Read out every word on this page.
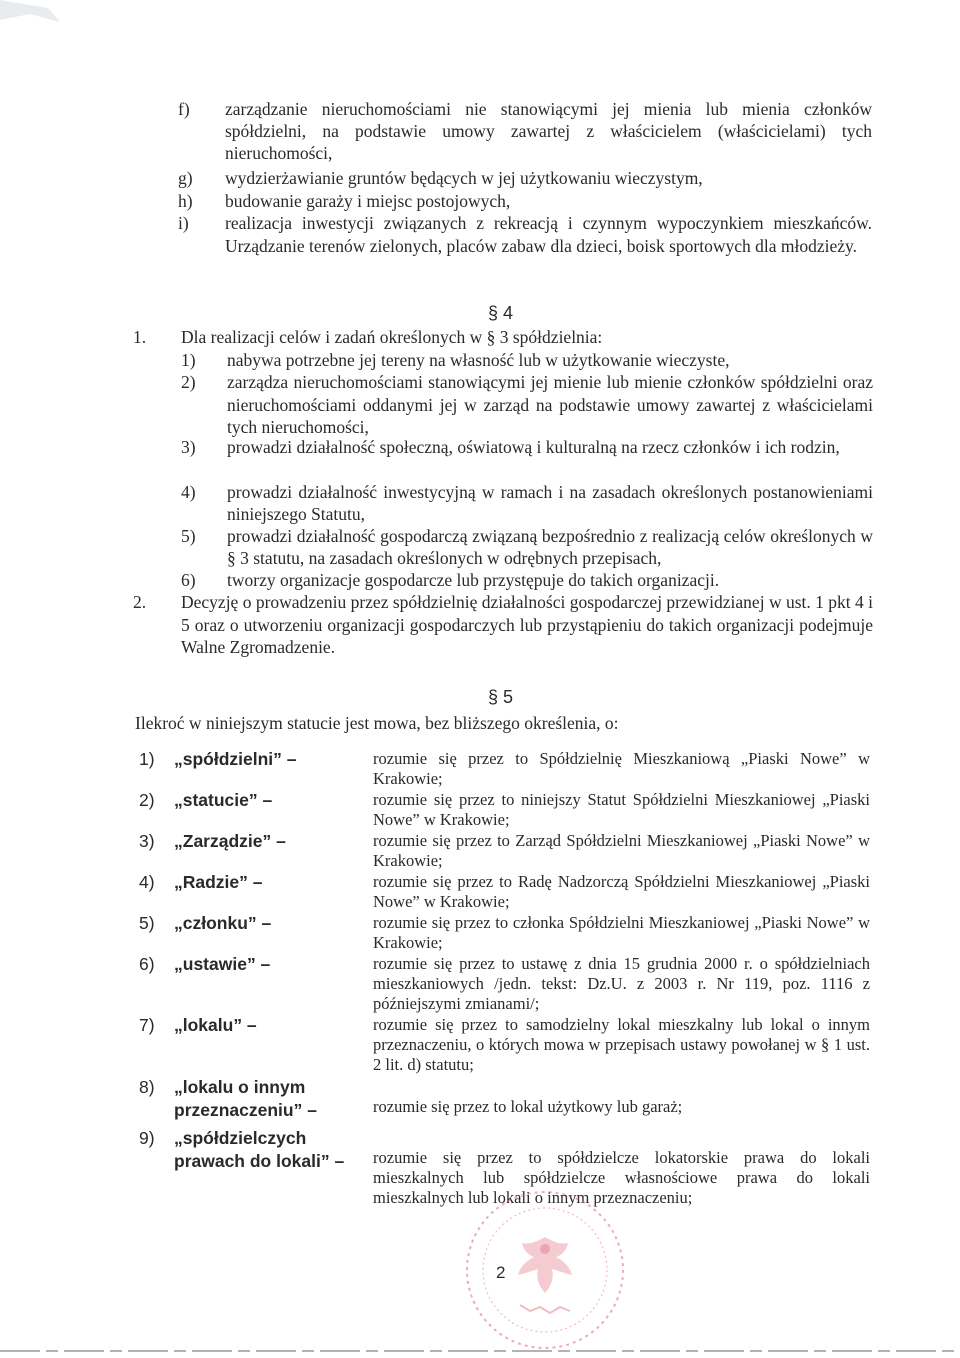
f) zarządzanie nieruchomościami nie stanowiącymi jej mienia lub mienia członków spółdzielni, na podstawie umowy zawartej z właścicielem (właścicielami) tych nieruchomości,
g) wydzierżawianie gruntów będących w jej użytkowaniu wieczystym,
h) budowanie garaży i miejsc postojowych,
i) realizacja inwestycji związanych z rekreacją i czynnym wypoczynkiem mieszkańców. Urządzanie terenów zielonych, placów zabaw dla dzieci, boisk sportowych dla młodzieży.
§ 4
1. Dla realizacji celów i zadań określonych w § 3 spółdzielnia:
1) nabywa potrzebne jej tereny na własność lub w użytkowanie wieczyste,
2) zarządza nieruchomościami stanowiącymi jej mienie lub mienie członków spółdzielni oraz nieruchomościami oddanymi jej w zarząd na podstawie umowy zawartej z właścicielami tych nieruchomości,
3) prowadzi działalność społeczną, oświatową i kulturalną na rzecz członków i ich rodzin,
4) prowadzi działalność inwestycyjną w ramach i na zasadach określonych postanowieniami niniejszego Statutu,
5) prowadzi działalność gospodarczą związaną bezpośrednio z realizacją celów określonych w § 3 statutu, na zasadach określonych w odrębnych przepisach,
6) tworzy organizacje gospodarcze lub przystępuje do takich organizacji.
2. Decyzję o prowadzeniu przez spółdzielnię działalności gospodarczej przewidzianej w ust. 1 pkt 4 i 5 oraz o utworzeniu organizacji gospodarczych lub przystąpieniu do takich organizacji podejmuje Walne Zgromadzenie.
§ 5
Ilekroć w niniejszym statucie jest mowa, bez bliższego określenia, o:
1) „spółdzielni” –	rozumie się przez to Spółdzielnię Mieszkaniową „Piaski Nowe” w Krakowie;
2) „statucie” –	rozumie się przez to niniejszy Statut Spółdzielni Mieszkaniowej „Piaski Nowe” w Krakowie;
3) „Zarządzie” –	rozumie się przez to Zarząd Spółdzielni Mieszkaniowej „Piaski Nowe” w Krakowie;
4) „Radzie” –	rozumie się przez to Radę Nadzorczą Spółdzielni Mieszkaniowej „Piaski Nowe” w Krakowie;
5) „członku” –	rozumie się przez to członka Spółdzielni Mieszkaniowej „Piaski Nowe” w Krakowie;
6) „ustawie” –	rozumie się przez to ustawę z dnia 15 grudnia 2000 r. o spółdzielniach mieszkaniowych /jedn. tekst: Dz.U. z 2003 r. Nr 119, poz. 1116 z późniejszymi zmianami/;
7) „lokalu” –	rozumie się przez to samodzielny lokal mieszkalny lub lokal o innym przeznaczeniu, o których mowa w przepisach ustawy powołanej w § 1 ust. 2 lit. d) statutu;
8) „lokalu o innym przeznaczeniu” –	rozumie się przez to lokal użytkowy lub garaż;
9) „spółdzielczych prawach do lokali” –	rozumie się przez to spółdzielcze lokatorskie prawa do lokali mieszkalnych lub spółdzielcze własnościowe prawa do lokali mieszkalnych lub lokali o innym przeznaczeniu;
2
